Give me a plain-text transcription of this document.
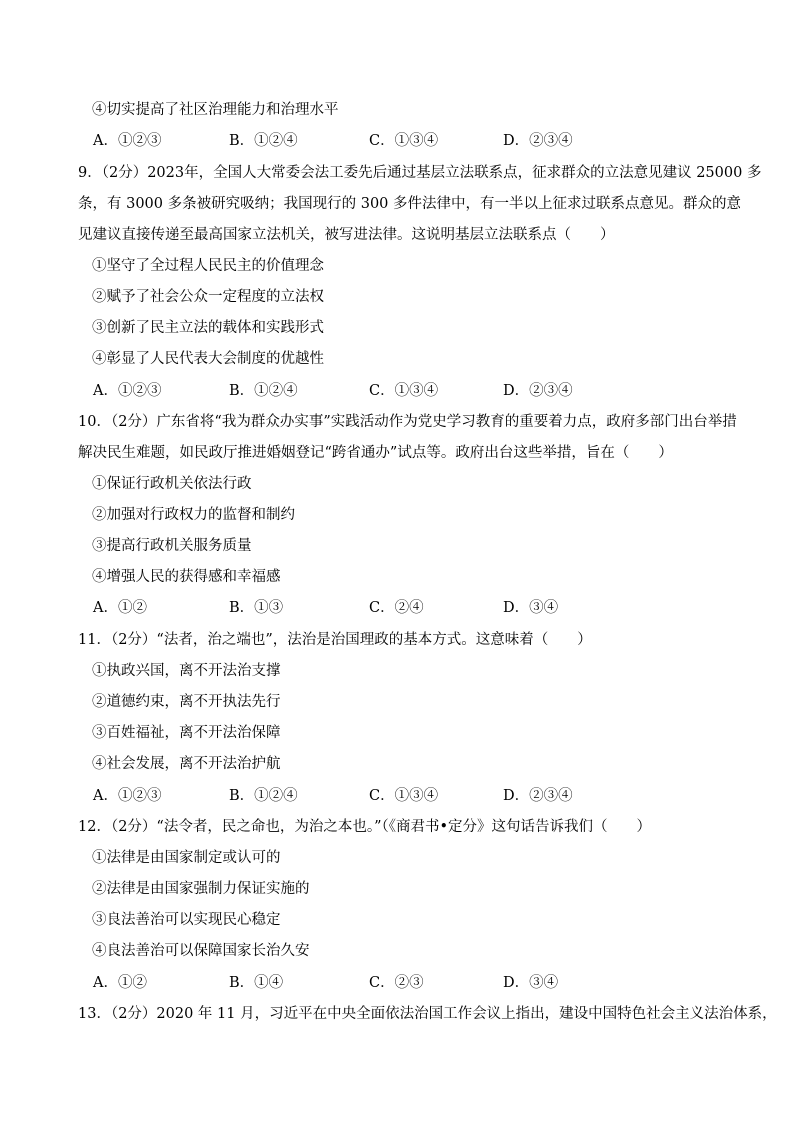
④切实提高了社区治理能力和治理水平
A．①②③	B．①②④	C．①③④	D．②③④
9．（2分）2023年，全国人大常委会法工委先后通过基层立法联系点，征求群众的立法意见建议 25000 多
条，有 3000 多条被研究吸纳；我国现行的 300 多件法律中，有一半以上征求过联系点意见。群众的意
见建议直接传递至最高国家立法机关，被写进法律。这说明基层立法联系点（　　）
①坚守了全过程人民民主的价值理念
②赋予了社会公众一定程度的立法权
③创新了民主立法的载体和实践形式
④彰显了人民代表大会制度的优越性
A．①②③	B．①②④	C．①③④	D．②③④
10．（2分）广东省将“我为群众办实事”实践活动作为党史学习教育的重要着力点，政府多部门出台举措
解决民生难题，如民政厅推进婚姻登记“跨省通办”试点等。政府出台这些举措，旨在（　　）
①保证行政机关依法行政
②加强对行政权力的监督和制约
③提高行政机关服务质量
④增强人民的获得感和幸福感
A．①②	B．①③	C．②④	D．③④
11．（2分）“法者，治之端也”，法治是治国理政的基本方式。这意味着（　　）
①执政兴国，离不开法治支撑
②道德约束，离不开执法先行
③百姓福祉，离不开法治保障
④社会发展，离不开法治护航
A．①②③	B．①②④	C．①③④	D．②③④
12．（2分）“法令者，民之命也，为治之本也。”（《商君书•定分》这句话告诉我们（　　）
①法律是由国家制定或认可的
②法律是由国家强制力保证实施的
③良法善治可以实现民心稳定
④良法善治可以保障国家长治久安
A．①②	B．①④	C．②③	D．③④
13．（2分）2020 年 11 月，习近平在中央全面依法治国工作会议上指出，建设中国特色社会主义法治体系，
